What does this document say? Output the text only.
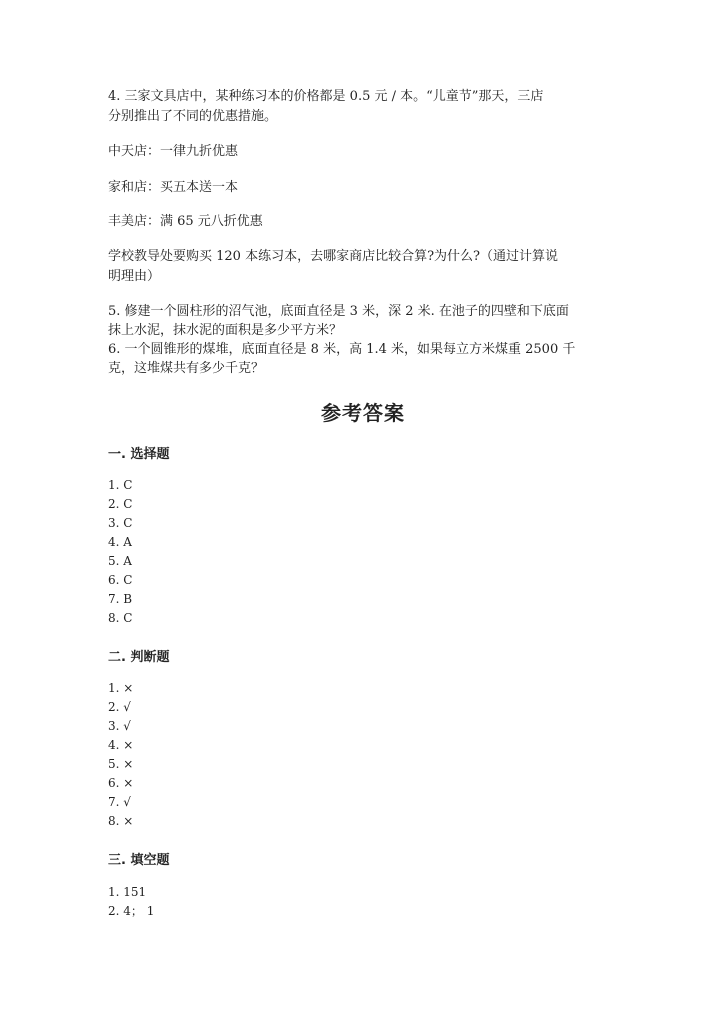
4. 三家文具店中，某种练习本的价格都是 0.5 元 / 本。“儿童节”那天，三店
分别推出了不同的优惠措施。
中天店：一律九折优惠
家和店：买五本送一本
丰美店：满 65 元八折优惠
学校教导处要购买 120 本练习本，去哪家商店比较合算?为什么?（通过计算说
明理由）
5. 修建一个圆柱形的沼气池，底面直径是 3 米，深 2 米. 在池子的四壁和下底面
抹上水泥，抹水泥的面积是多少平方米？
6. 一个圆锥形的煤堆，底面直径是 8 米，高 1.4 米，如果每立方米煤重 2500 千
克，这堆煤共有多少千克？
参考答案
一. 选择题
1. C
2. C
3. C
4. A
5. A
6. C
7. B
8. C
二. 判断题
1. ×
2. √
3. √
4. ×
5. ×
6. ×
7. √
8. ×
三. 填空题
1. 151
2. 4； 1
